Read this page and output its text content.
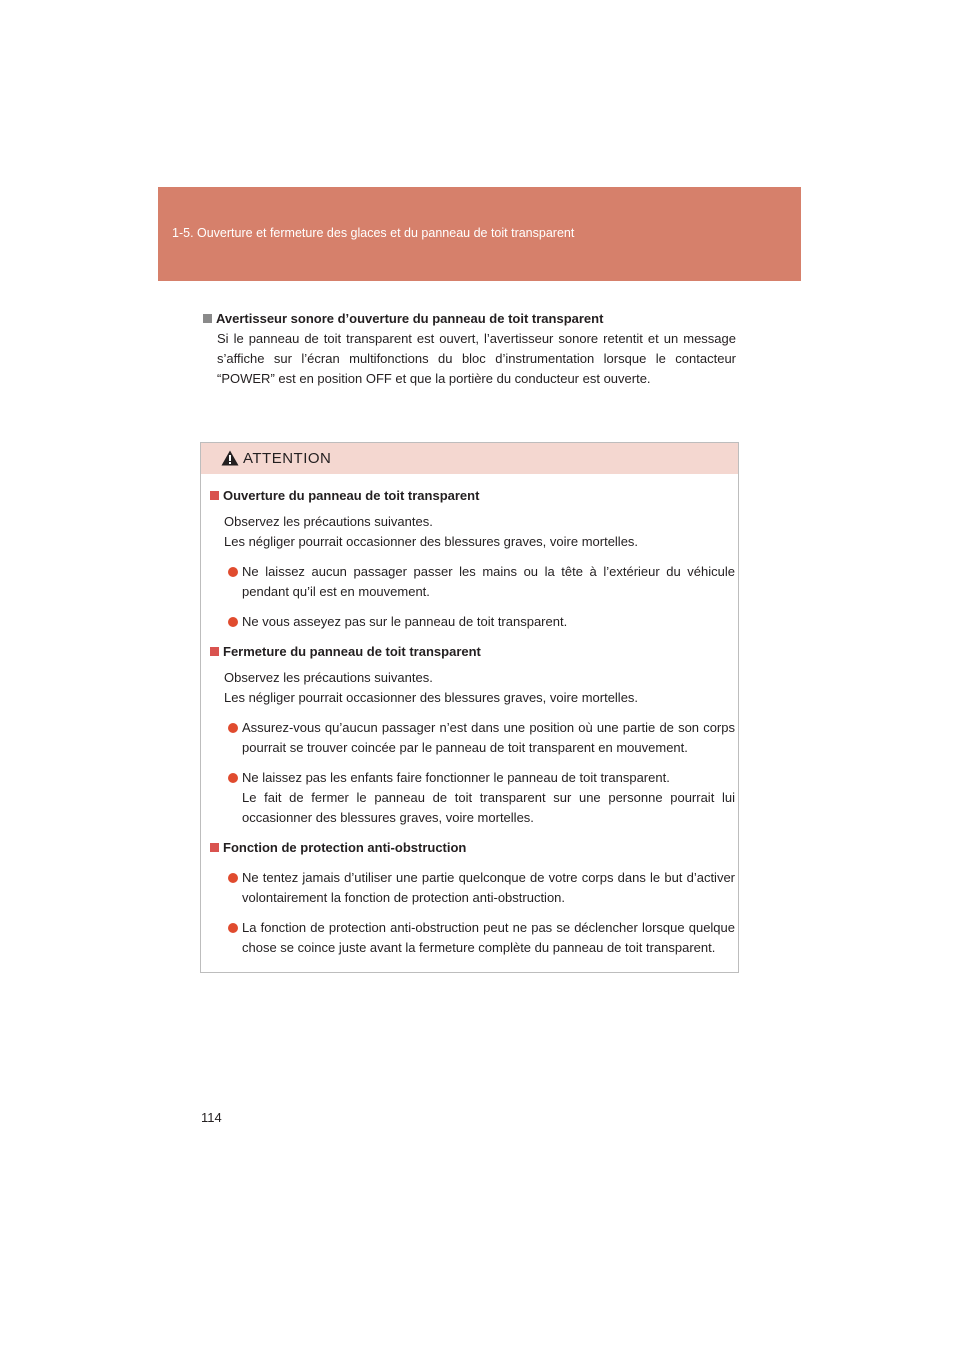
1-5. Ouverture et fermeture des glaces et du panneau de toit transparent
Avertisseur sonore d’ouverture du panneau de toit transparent
Si le panneau de toit transparent est ouvert, l’avertisseur sonore retentit et un message s’affiche sur l’écran multifonctions du bloc d’instrumentation lorsque le contacteur “POWER” est en position OFF et que la portière du conducteur est ouverte.
ATTENTION
Ouverture du panneau de toit transparent
Observez les précautions suivantes.
Les négliger pourrait occasionner des blessures graves, voire mortelles.
Ne laissez aucun passager passer les mains ou la tête à l’extérieur du véhicule pendant qu’il est en mouvement.
Ne vous asseyez pas sur le panneau de toit transparent.
Fermeture du panneau de toit transparent
Observez les précautions suivantes.
Les négliger pourrait occasionner des blessures graves, voire mortelles.
Assurez-vous qu’aucun passager n’est dans une position où une partie de son corps pourrait se trouver coincée par le panneau de toit transparent en mouvement.
Ne laissez pas les enfants faire fonctionner le panneau de toit transparent.
Le fait de fermer le panneau de toit transparent sur une personne pourrait lui occasionner des blessures graves, voire mortelles.
Fonction de protection anti-obstruction
Ne tentez jamais d’utiliser une partie quelconque de votre corps dans le but d’activer volontairement la fonction de protection anti-obstruction.
La fonction de protection anti-obstruction peut ne pas se déclencher lorsque quelque chose se coince juste avant la fermeture complète du panneau de toit transparent.
114
